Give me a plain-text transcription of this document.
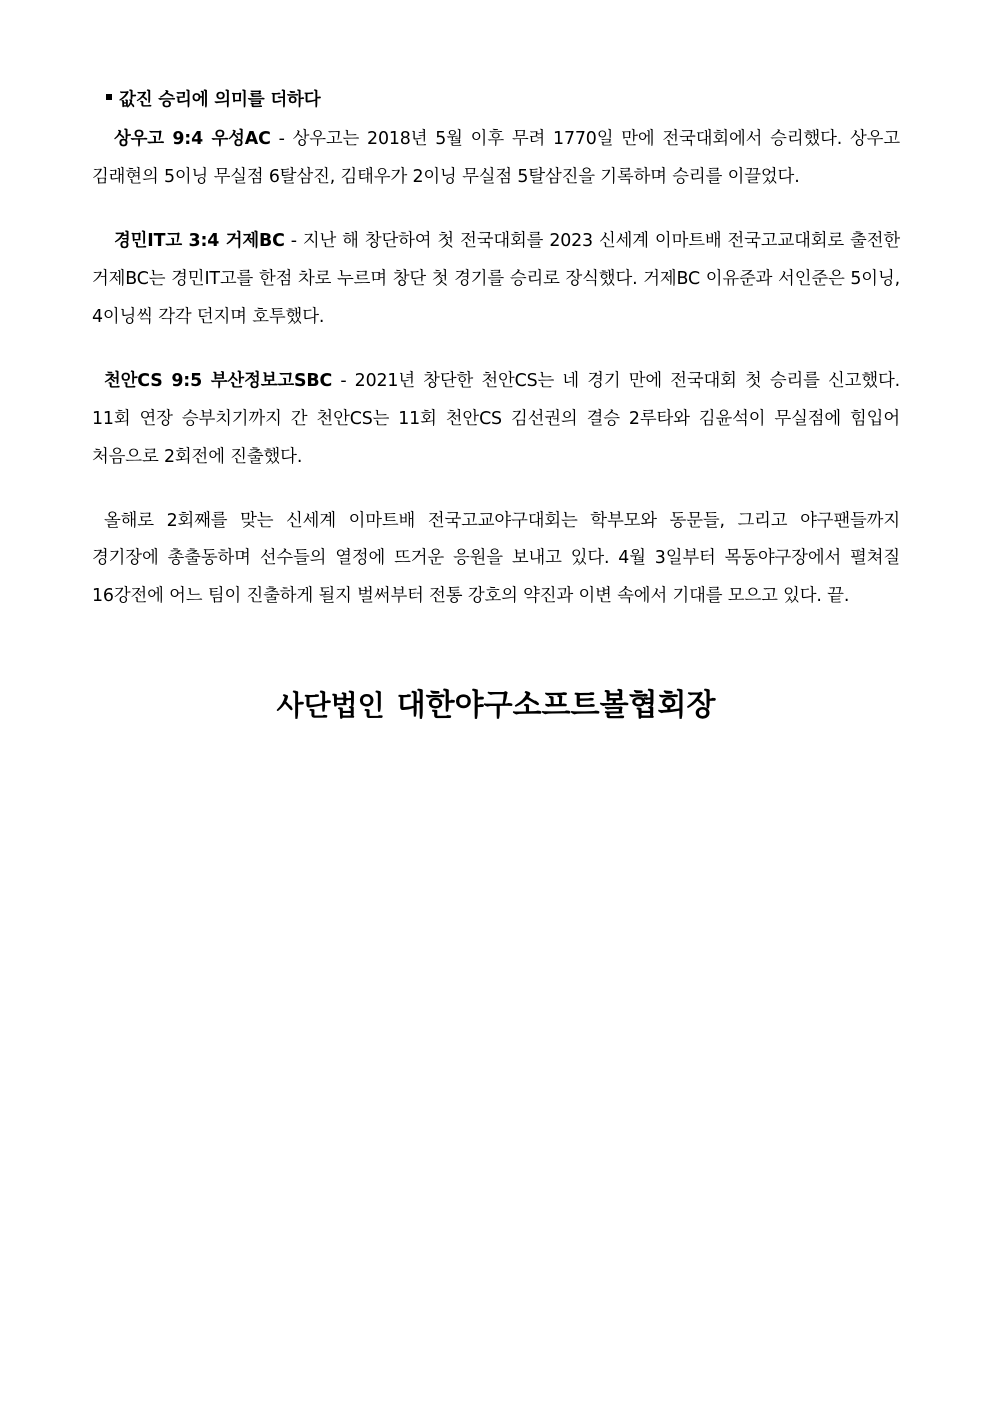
값진 승리에 의미를 더하다

상우고 9:4 우성AC - 상우고는 2018년 5월 이후 무려 1770일 만에 전국대회에서 승리했다. 상우고 김래현의 5이닝 무실점 6탈삼진, 김태우가 2이닝 무실점 5탈삼진을 기록하며 승리를 이끌었다.

경민IT고 3:4 거제BC - 지난 해 창단하여 첫 전국대회를 2023 신세계 이마트배 전국고교대회로 출전한 거제BC는 경민IT고를 한점 차로 누르며 창단 첫 경기를 승리로 장식했다. 거제BC 이유준과 서인준은 5이닝, 4이닝씩 각각 던지며 호투했다.

천안CS 9:5 부산정보고SBC - 2021년 창단한 천안CS는 네 경기 만에 전국대회 첫 승리를 신고했다. 11회 연장 승부치기까지 간 천안CS는 11회 천안CS 김선권의 결승 2루타와 김윤석이 무실점에 힘입어 처음으로 2회전에 진출했다.

올해로 2회째를 맞는 신세계 이마트배 전국고교야구대회는 학부모와 동문들, 그리고 야구팬들까지 경기장에 총출동하며 선수들의 열정에 뜨거운 응원을 보내고 있다. 4월 3일부터 목동야구장에서 펼쳐질 16강전에 어느 팀이 진출하게 될지 벌써부터 전통 강호의 약진과 이변 속에서 기대를 모으고 있다. 끝.

사단법인 대한야구소프트볼협회장
